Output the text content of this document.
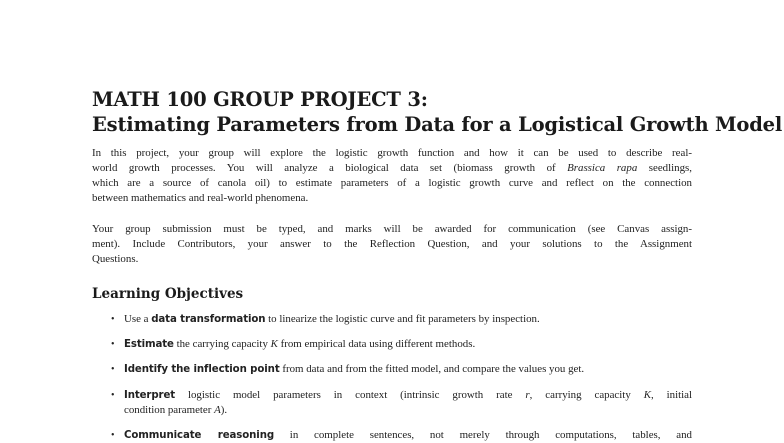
MATH 100 GROUP PROJECT 3:
Estimating Parameters from Data for a Logistical Growth Model
In this project, your group will explore the logistic growth function and how it can be used to describe real-
world growth processes. You will analyze a biological data set (biomass growth of Brassica rapa seedlings,
which are a source of canola oil) to estimate parameters of a logistic growth curve and reflect on the connection
between mathematics and real-world phenomena.
Your group submission must be typed, and marks will be awarded for communication (see Canvas assign-
ment). Include Contributors, your answer to the Reflection Question, and your solutions to the Assignment
Questions.
Learning Objectives
• Use a data transformation to linearize the logistic curve and fit parameters by inspection.
• Estimate the carrying capacity K from empirical data using different methods.
• Identify the inflection point from data and from the fitted model, and compare the values you get.
• Interpret logistic model parameters in context (intrinsic growth rate r, carrying capacity K, initial
condition parameter A).
• Communicate reasoning in complete sentences, not merely through computations, tables, and
